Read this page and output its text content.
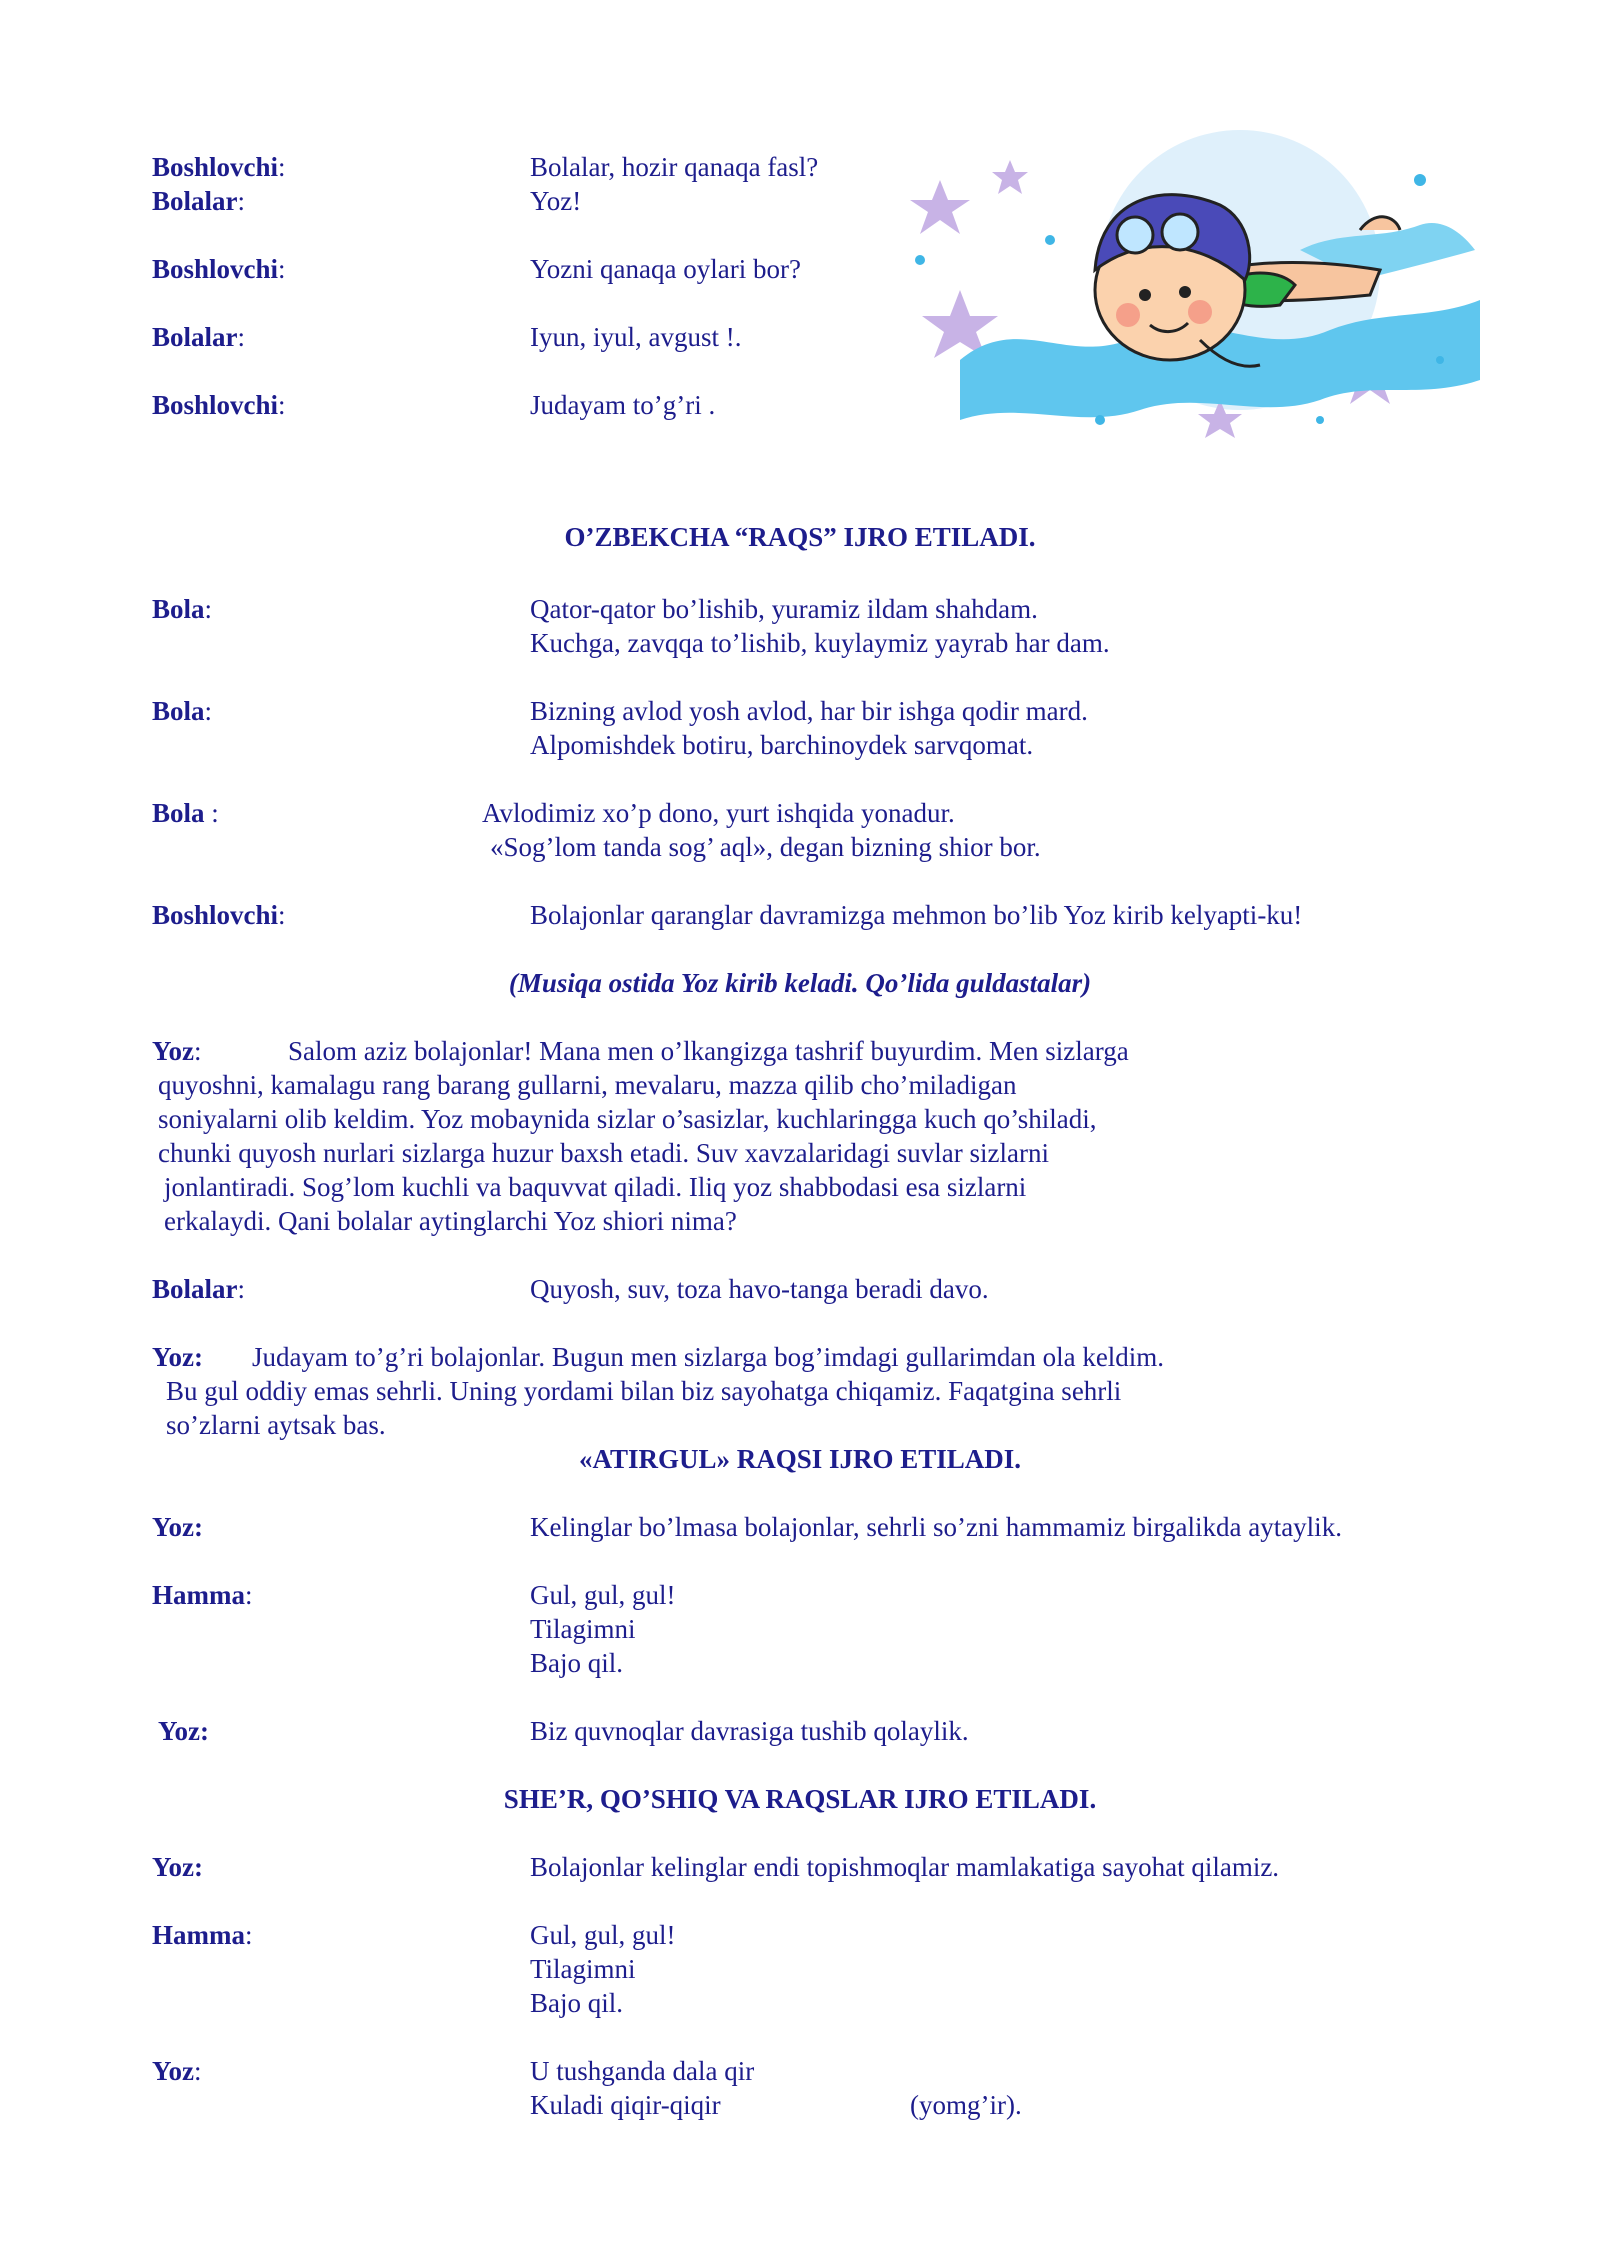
Boshlovchi:	Bolalar, hozir qanaqa fasl?
Bolalar:	Yoz!
Boshlovchi:	Yozni qanaqa oylari bor?
Bolalar:	Iyun, iyul, avgust !.
Boshlovchi:	Judayam to’g’ri .
O’ZBEKCHA “RAQS” IJRO ETILADI.
Bola:	Qator-qator bo’lishib, yuramiz ildam shahdam.
Kuchga, zavqqa to’lishib, kuylaymiz yayrab har dam.
Bola:	Bizning avlod yosh avlod, har bir ishga qodir mard.
Alpomishdek botiru, barchinoydek sarvqomat.
Bola :	Avlodimiz xo’p dono, yurt ishqida yonadur.
«Sog’lom tanda sog’ aql», degan bizning shior bor.
Boshlovchi:	Bolajonlar qaranglar davramizga mehmon bo’lib Yoz kirib kelyapti-ku!
(Musiqa ostida Yoz kirib keladi. Qo’lida guldastalar)
Yoz:	Salom aziz bolajonlar! Mana men o’lkangizga tashrif buyurdim. Men sizlarga
quyoshni, kamalagu rang barang gullarni, mevalaru, mazza qilib cho’miladigan
soniyalarni olib keldim. Yoz mobaynida sizlar o’sasizlar, kuchlaringga kuch qo’shiladi,
chunki quyosh nurlari sizlarga huzur baxsh etadi. Suv xavzalaridagi suvlar sizlarni
jonlantiradi. Sog’lom kuchli va baquvvat qiladi. Iliq yoz shabbodasi esa sizlarni
erkalaydi. Qani bolalar aytinglarchi Yoz shiori nima?
Bolalar:	Quyosh, suv, toza havo-tanga beradi davo.
Yoz: Judayam to’g’ri bolajonlar. Bugun men sizlarga bog’imdagi gullarimdan ola keldim.
Bu gul oddiy emas sehrli. Uning yordami bilan biz sayohatga chiqamiz. Faqatgina sehrli
so’zlarni aytsak bas.
«ATIRGUL» RAQSI IJRO ETILADI.
Yoz:	Kelinglar bo’lmasa bolajonlar, sehrli so’zni hammamiz birgalikda aytaylik.
Hamma:	Gul, gul, gul!
Tilagimni
Bajo qil.
Yoz:	Biz quvnoqlar davrasiga tushib qolaylik.
SHE’R, QO’SHIQ VA RAQSLAR IJRO ETILADI.
Yoz:	Bolajonlar kelinglar endi topishmoqlar mamlakatiga sayohat qilamiz.
Hamma:	Gul, gul, gul!
Tilagimni
Bajo qil.
Yoz:	U tushganda dala qir
Kuladi qiqir-qiqir	(yomg’ir).
